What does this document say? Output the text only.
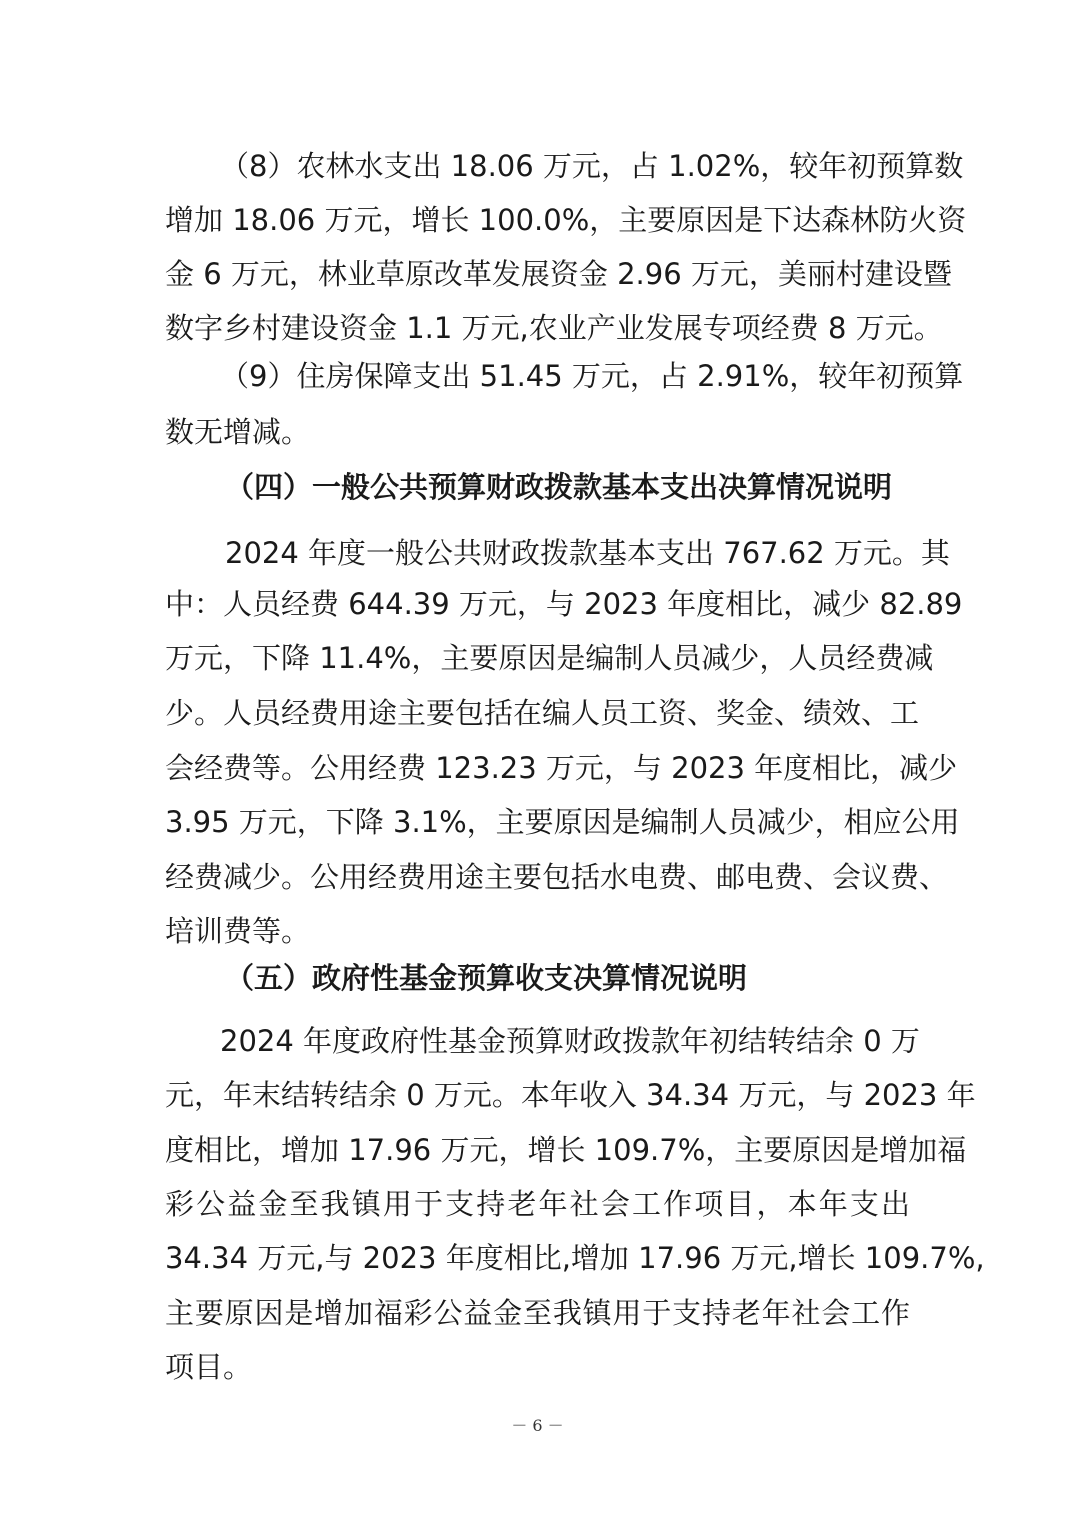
（8）农林水支出 18.06 万元，占 1.02%，较年初预算数

增加 18.06 万元，增长 100.0%，主要原因是下达森林防火资

金 6 万元，林业草原改革发展资金 2.96 万元，美丽村建设暨

数字乡村建设资金 1.1 万元,农业产业发展专项经费 8 万元。

（9）住房保障支出 51.45 万元，占 2.91%，较年初预算

数无增减。

（四）一般公共预算财政拨款基本支出决算情况说明

2024 年度一般公共财政拨款基本支出 767.62 万元。其

中：人员经费 644.39 万元，与 2023 年度相比，减少 82.89

万元，下降 11.4%，主要原因是编制人员减少，人员经费减

少。人员经费用途主要包括在编人员工资、奖金、绩效、工

会经费等。公用经费 123.23 万元，与 2023 年度相比，减少

3.95 万元，下降 3.1%，主要原因是编制人员减少，相应公用

经费减少。公用经费用途主要包括水电费、邮电费、会议费、

培训费等。

（五）政府性基金预算收支决算情况说明

2024 年度政府性基金预算财政拨款年初结转结余 0 万

元，年末结转结余 0 万元。本年收入 34.34 万元，与 2023 年

度相比，增加 17.96 万元，增长 109.7%，主要原因是增加福

彩公益金至我镇用于支持老年社会工作项目，本年支出

34.34 万元,与 2023 年度相比,增加 17.96 万元,增长 109.7%,

主要原因是增加福彩公益金至我镇用于支持老年社会工作

项目。

－ 6 －
